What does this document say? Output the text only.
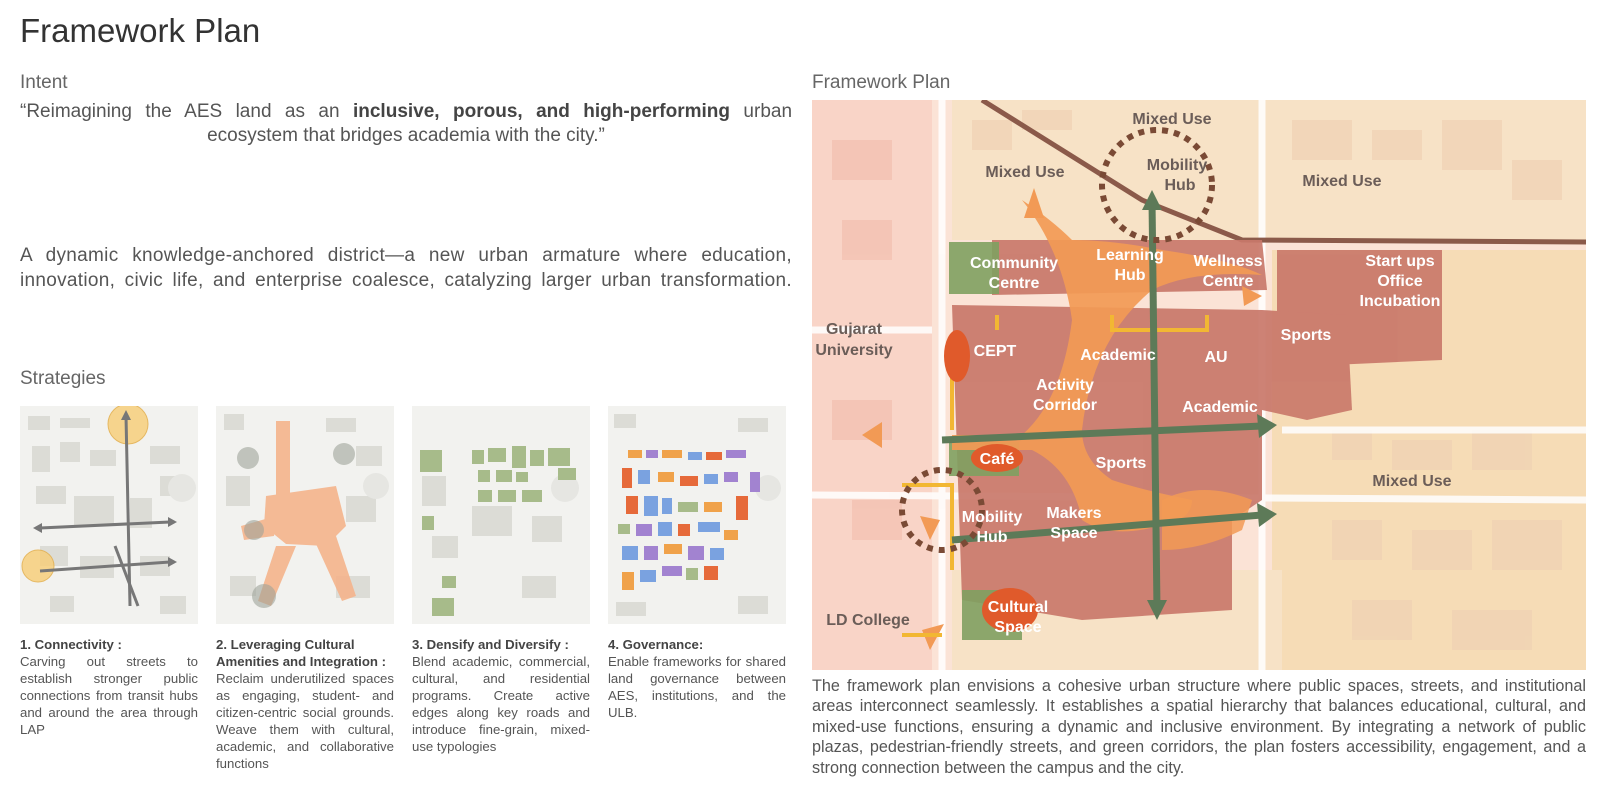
Framework Plan
Intent
“Reimagining the AES land as an inclusive, porous, and high-performing urban ecosystem that bridges academia with the city.”
A dynamic knowledge-anchored district—a new urban armature where education, innovation, civic life, and enterprise coalesce, catalyzing larger urban transformation.
Strategies
1. Connectivity :
Carving out streets to establish stronger public connections from transit hubs and around the area through LAP
2. Leveraging Cultural Amenities and Integration :
Reclaim underutilized spaces as engaging, student- and citizen-centric social grounds. Weave them with cultural, academic, and collaborative functions
3. Densify and Diversify :
Blend academic, commercial, cultural, and residential programs. Create active edges along key roads and introduce fine-grain, mixed-use typologies
4. Governance:
Enable frameworks for shared land governance between AES, institutions, and the ULB.
Framework Plan
Mixed Use
Mixed Use
Mixed Use
Mixed Use
Mobility
Hub
Gujarat
University
LD College
Community
Centre
Learning
Hub
Wellness
Centre
Start ups
Office
Incubation
CEPT	Academic	AU
Sports
Activity
Corridor	Academic
Café	Sports
Mobility
Hub
Makers
Space
Cultural
Space
The framework plan envisions a cohesive urban structure where public spaces, streets, and institutional areas interconnect seamlessly. It establishes a spatial hierarchy that balances educational, cultural, and mixed-use functions, ensuring a dynamic and inclusive environment. By integrating a network of public plazas, pedestrian-friendly streets, and green corridors, the plan fosters accessibility, engagement, and a strong connection between the campus and the city.
